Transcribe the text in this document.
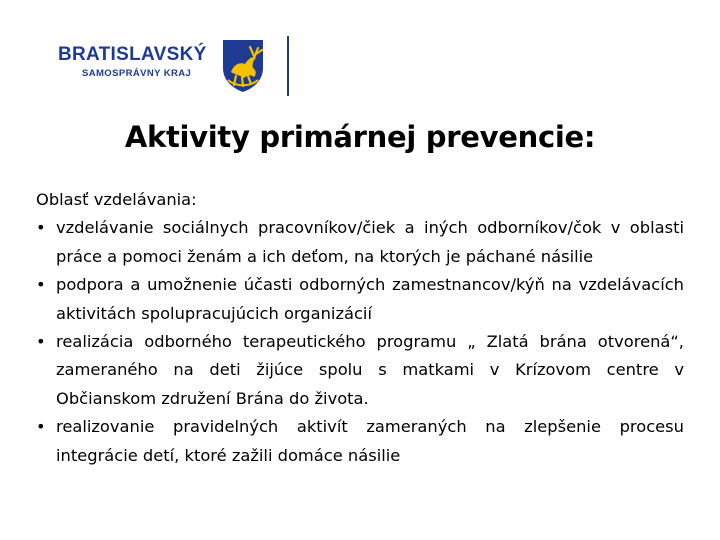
BRATISLAVSKÝ
SAMOSPRÁVNY KRAJ
Aktivity primárnej prevencie:

Oblasť vzdelávania:

• vzdelávanie sociálnych pracovníkov/čiek a iných odborníkov/čok v oblasti práce a pomoci ženám a ich deťom, na ktorých je páchané násilie
• podpora a umožnenie účasti odborných zamestnancov/kýň na vzdelávacích aktivitách spolupracujúcich organizácií
• realizácia odborného terapeutického programu „ Zlatá brána otvorená“, zameraného na deti žijúce spolu s matkami v Krízovom centre v Občianskom združení Brána do života.
• realizovanie pravidelných aktivít zameraných na zlepšenie procesu integrácie detí, ktoré zažili domáce násilie
